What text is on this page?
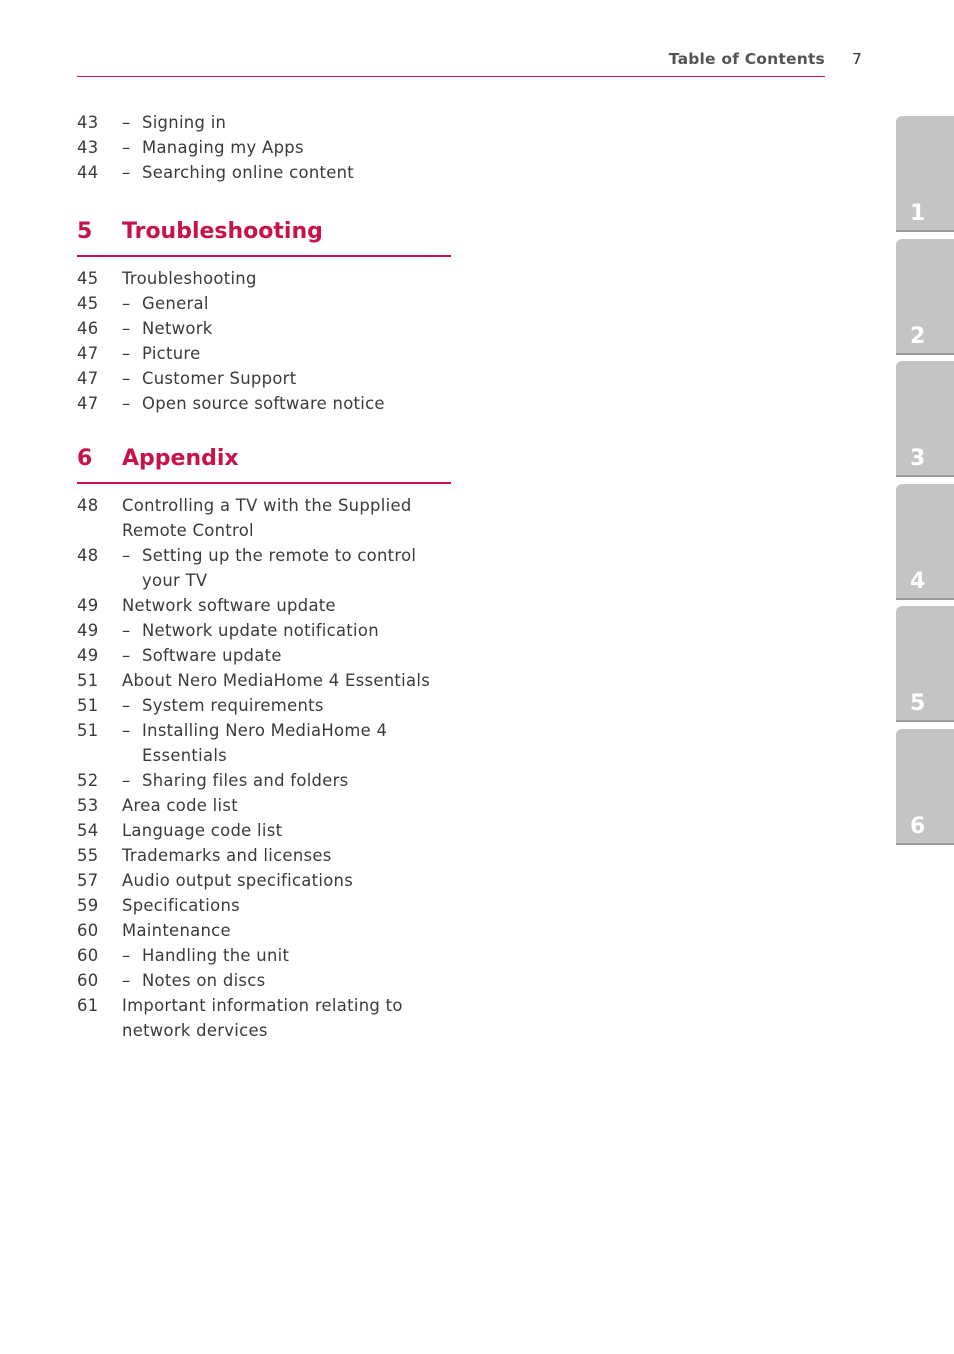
Table of Contents 7
43 – Signing in
43 – Managing my Apps
44 – Searching online content
5 Troubleshooting
45 Troubleshooting
45 – General
46 – Network
47 – Picture
47 – Customer Support
47 – Open source software notice
6 Appendix
48 Controlling a TV with the Supplied Remote Control
48 – Setting up the remote to control your TV
49 Network software update
49 – Network update notification
49 – Software update
51 About Nero MediaHome 4 Essentials
51 – System requirements
51 – Installing Nero MediaHome 4 Essentials
52 – Sharing files and folders
53 Area code list
54 Language code list
55 Trademarks and licenses
57 Audio output specifications
59 Specifications
60 Maintenance
60 – Handling the unit
60 – Notes on discs
61 Important information relating to network dervices
1
2
3
4
5
6
